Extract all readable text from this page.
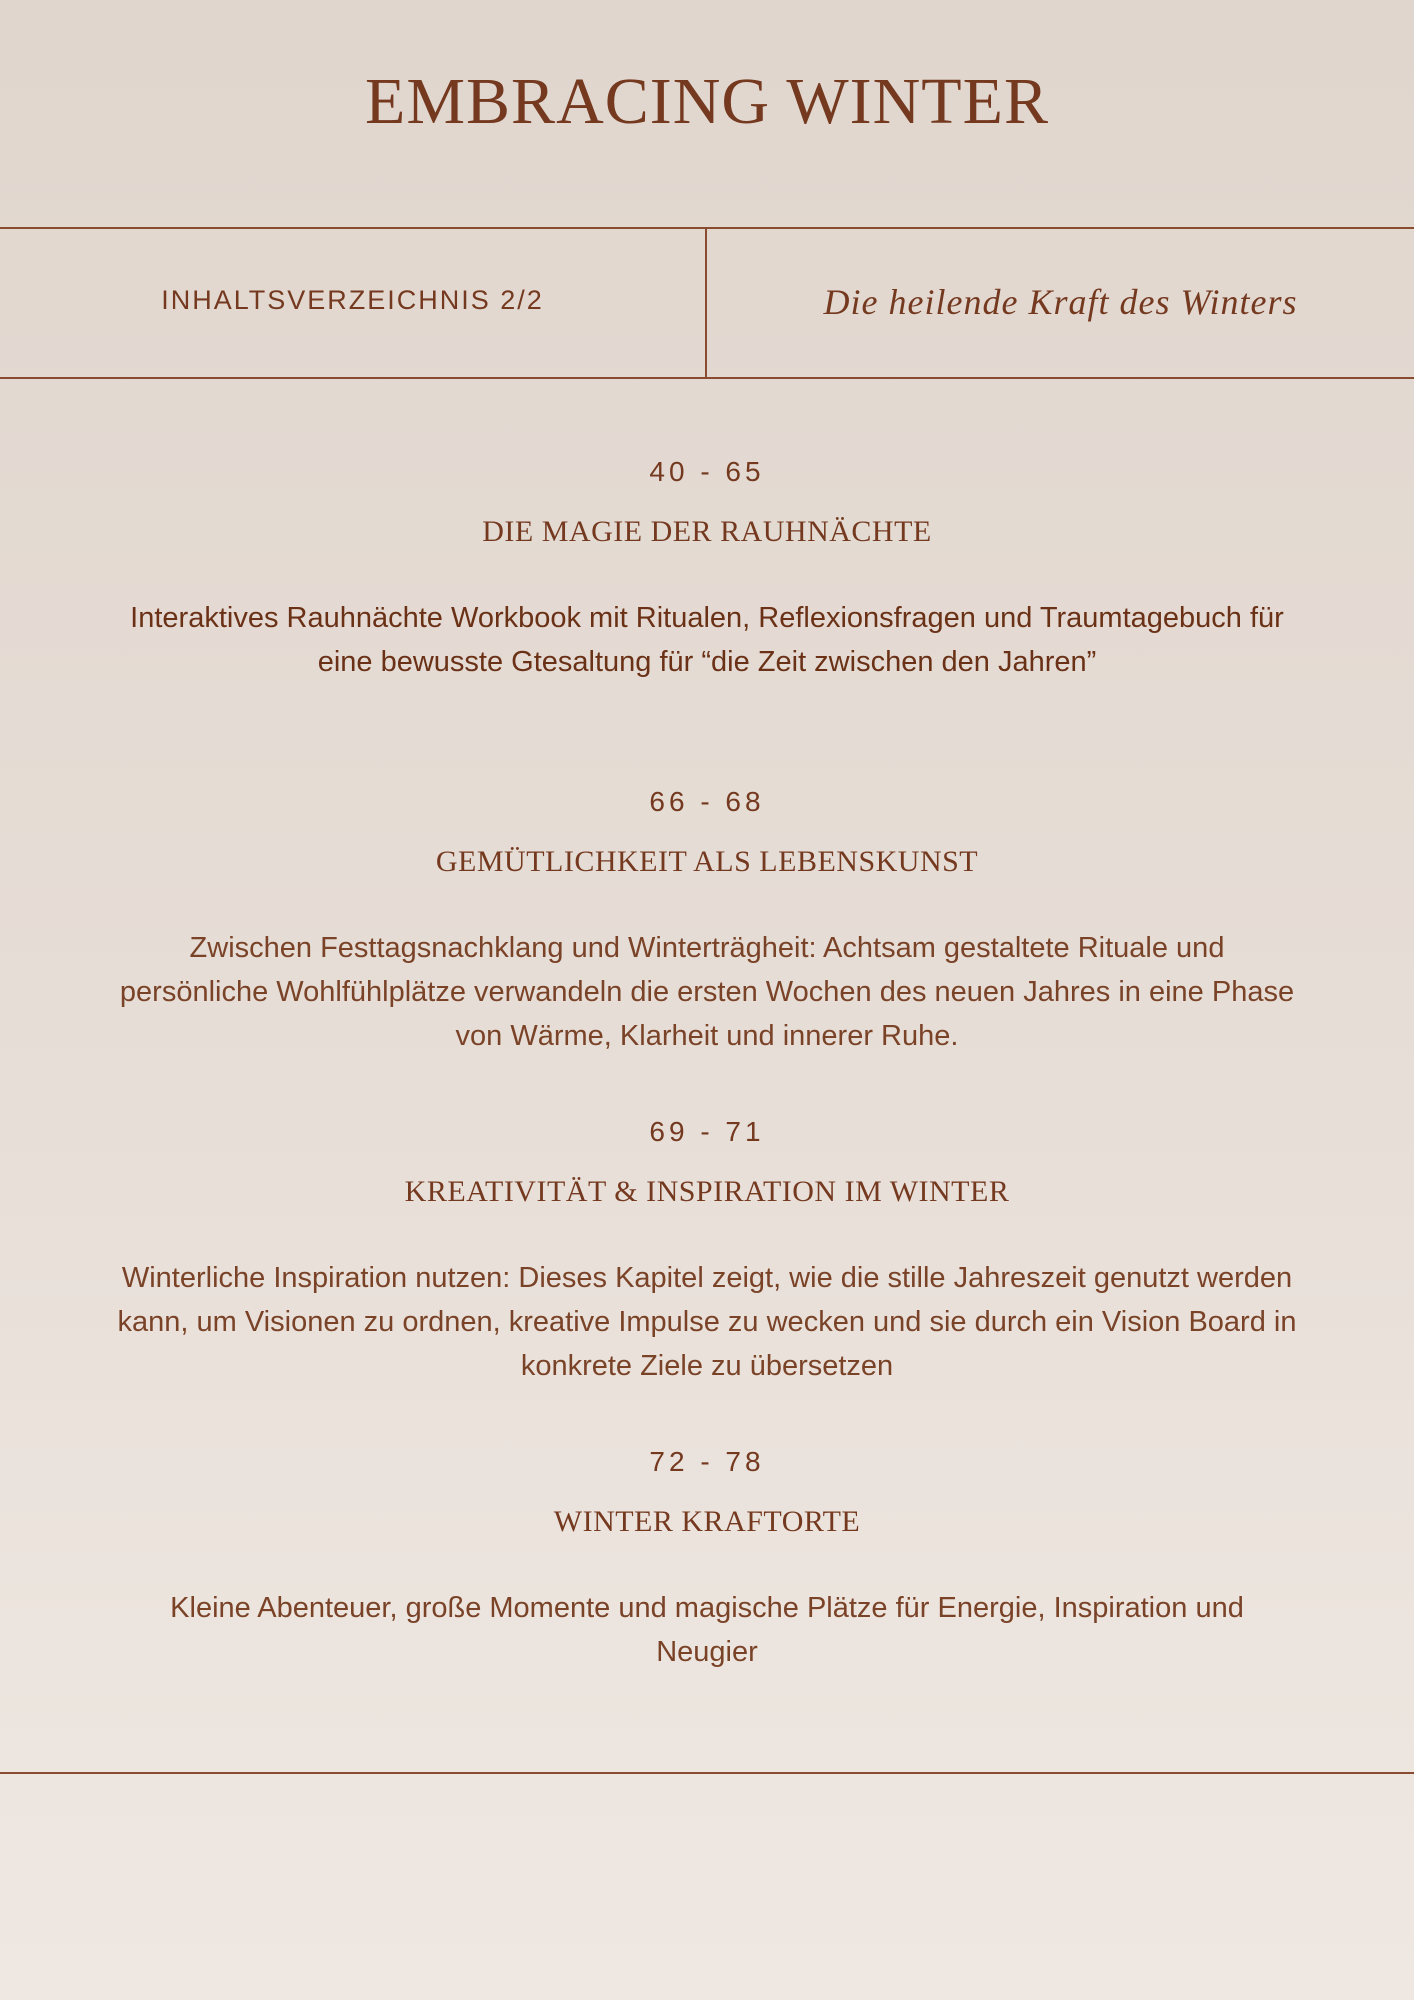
EMBRACING WINTER
INHALTSVERZEICHNIS 2/2	Die heilende Kraft des Winters
40 - 65
DIE MAGIE DER RAUHNÄCHTE
Interaktives Rauhnächte Workbook mit Ritualen, Reflexionsfragen und Traumtagebuch für eine bewusste Gtesaltung für “die Zeit zwischen den Jahren”
66 - 68
GEMÜTLICHKEIT ALS LEBENSKUNST
Zwischen Festtagsnachklang und Winterträgheit: Achtsam gestaltete Rituale und persönliche Wohlfühlplätze verwandeln die ersten Wochen des neuen Jahres in eine Phase von Wärme, Klarheit und innerer Ruhe.
69 - 71
KREATIVITÄT & INSPIRATION IM WINTER
Winterliche Inspiration nutzen: Dieses Kapitel zeigt, wie die stille Jahreszeit genutzt werden kann, um Visionen zu ordnen, kreative Impulse zu wecken und sie durch ein Vision Board in konkrete Ziele zu übersetzen
72 - 78
WINTER KRAFTORTE
Kleine Abenteuer, große Momente und magische Plätze für Energie, Inspiration und Neugier
